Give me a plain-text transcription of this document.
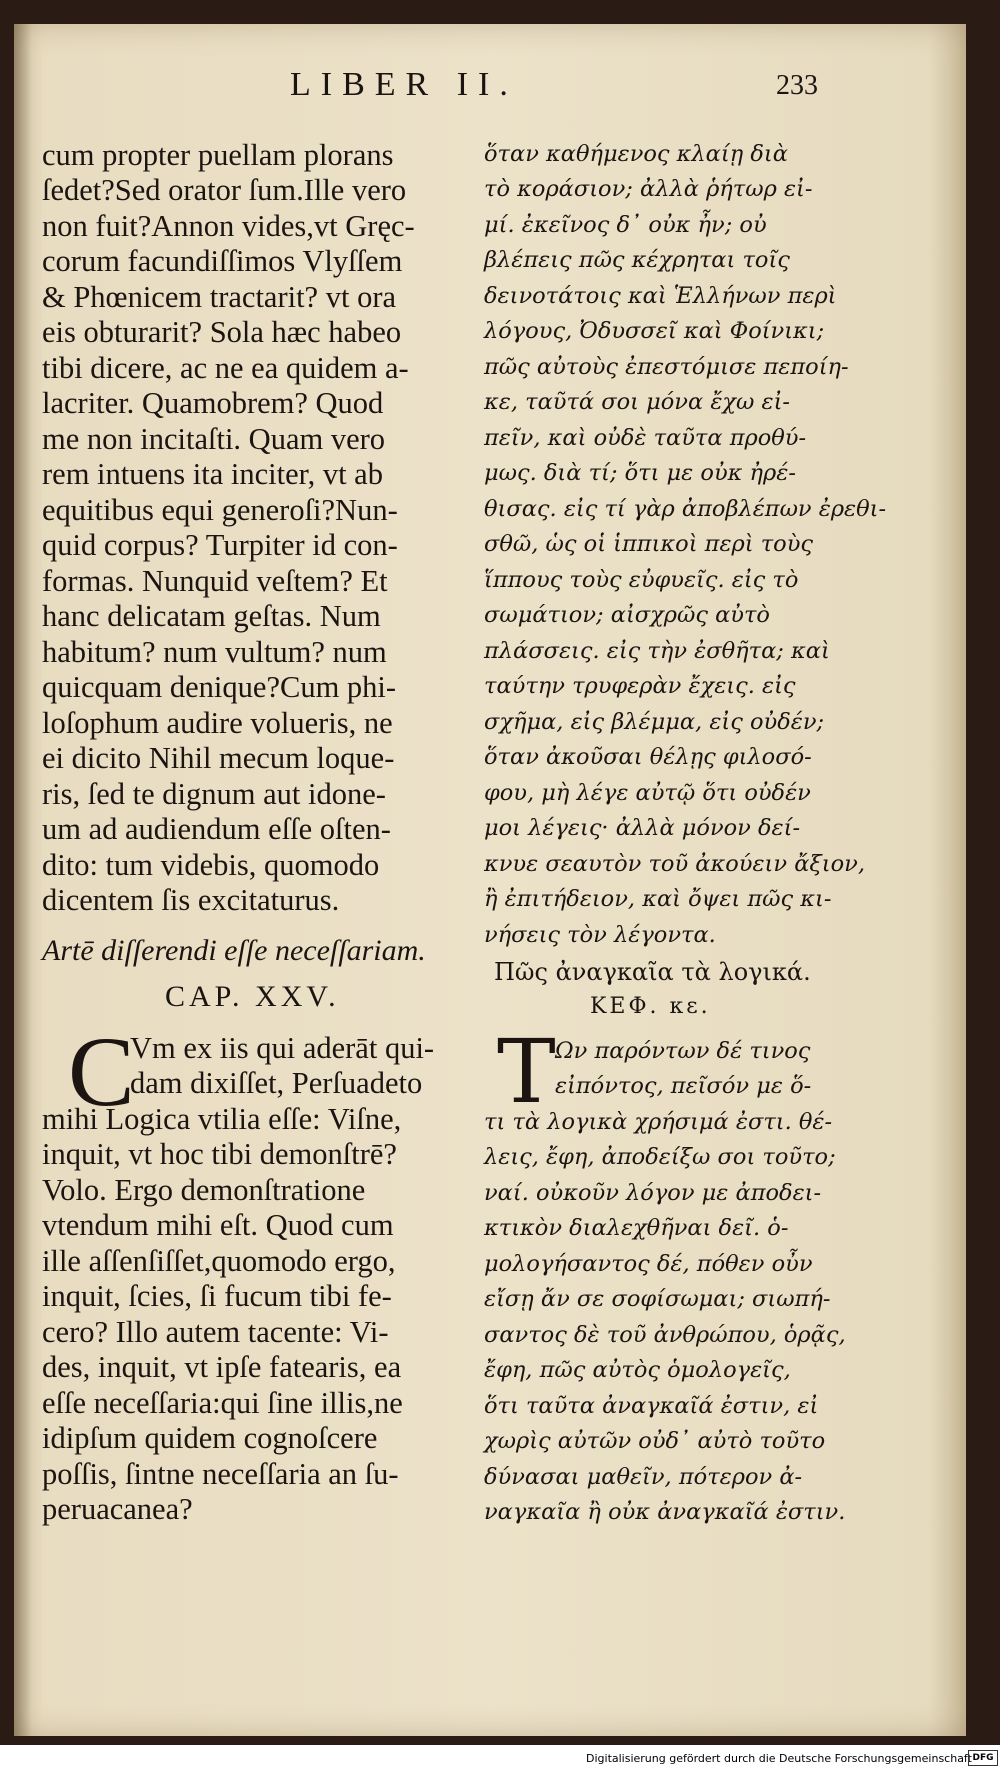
LIBER II.	233
cum propter puellam plorans
ſedet?Sed orator ſum.Ille vero
non fuit?Annon vides,vt Gręc-
corum facundiſſimos Vlyſſem
& Phœnicem tractarit? vt ora
eis obturarit? Sola hæc habeo
tibi dicere, ac ne ea quidem a-
lacriter. Quamobrem? Quod
me non incitaſti. Quam vero
rem intuens ita inciter, vt ab
equitibus equi generoſi?Nun-
quid corpus? Turpiter id con-
formas. Nunquid veſtem? Et
hanc delicatam geſtas. Num
habitum? num vultum? num
quicquam denique?Cum phi-
loſophum audire volueris, ne
ei dicito Nihil mecum loque-
ris, ſed te dignum aut idone-
um ad audiendum eſſe oſten-
dito: tum videbis, quomodo
dicentem ſis excitaturus.
Artē diſſerendi eſſe neceſſariam.
CAP. XXV.
C
Vm ex iis qui aderāt qui-
dam dixiſſet, Perſuadeto
mihi Logica vtilia eſſe: Viſne,
inquit, vt hoc tibi demonſtrē?
Volo. Ergo demonſtratione
vtendum mihi eſt. Quod cum
ille aſſenſiſſet,quomodo ergo,
inquit, ſcies, ſi fucum tibi fe-
cero? Illo autem tacente: Vi-
des, inquit, vt ipſe fatearis, ea
eſſe neceſſaria:qui ſine illis,ne
idipſum quidem cognoſcere
poſſis, ſintne neceſſaria an ſu-
peruacanea?
ὅταν καθήμενος κλαίῃ διὰ
τὸ κοράσιον; ἀλλὰ ῥήτωρ εἰ-
μί. ἐκεῖνος δ᾽ οὐκ ἦν; οὐ
βλέπεις πῶς κέχρηται τοῖς
δεινοτάτοις καὶ Ἑλλήνων περὶ
λόγους, Ὀδυσσεῖ καὶ Φοίνικι;
πῶς αὐτοὺς ἐπεστόμισε πεποίη-
κε, ταῦτά σοι μόνα ἔχω εἰ-
πεῖν, καὶ οὐδὲ ταῦτα προθύ-
μως. διὰ τί; ὅτι με οὐκ ἠρέ-
θισας. εἰς τί γὰρ ἀποβλέπων ἐρεθι-
σθῶ, ὡς οἱ ἱππικοὶ περὶ τοὺς
ἵππους τοὺς εὐφυεῖς. εἰς τὸ
σωμάτιον; αἰσχρῶς αὐτὸ
πλάσσεις. εἰς τὴν ἐσθῆτα; καὶ
ταύτην τρυφερὰν ἔχεις. εἰς
σχῆμα, εἰς βλέμμα, εἰς οὐδέν;
ὅταν ἀκοῦσαι θέλῃς φιλοσό-
φου, μὴ λέγε αὐτῷ ὅτι οὐδέν
μοι λέγεις· ἀλλὰ μόνον δεί-
κνυε σεαυτὸν τοῦ ἀκούειν ἄξιον,
ἢ ἐπιτήδειον, καὶ ὄψει πῶς κι-
νήσεις τὸν λέγοντα.
Πῶς ἀναγκαῖα τὰ λογικά.
ΚΕΦ. κε.
Τ Ων παρόντων δέ τινος
εἰπόντος, πεῖσόν με ὅ-
τι τὰ λογικὰ χρήσιμά ἐστι. θέ-
λεις, ἔφη, ἀποδείξω σοι τοῦτο;
ναί. οὐκοῦν λόγον με ἀποδει-
κτικὸν διαλεχθῆναι δεῖ. ὁ-
μολογήσαντος δέ, πόθεν οὖν
εἴσῃ ἄν σε σοφίσωμαι; σιωπή-
σαντος δὲ τοῦ ἀνθρώπου, ὁρᾷς,
ἔφη, πῶς αὐτὸς ὁμολογεῖς,
ὅτι ταῦτα ἀναγκαῖά ἐστιν, εἰ
χωρὶς αὐτῶν οὐδ᾽ αὐτὸ τοῦτο
δύνασαι μαθεῖν, πότερον ἀ-
ναγκαῖα ἢ οὐκ ἀναγκαῖά ἐστιν.
Digitalisierung gefördert durch die Deutsche Forschungsgemeinschaft DFG
